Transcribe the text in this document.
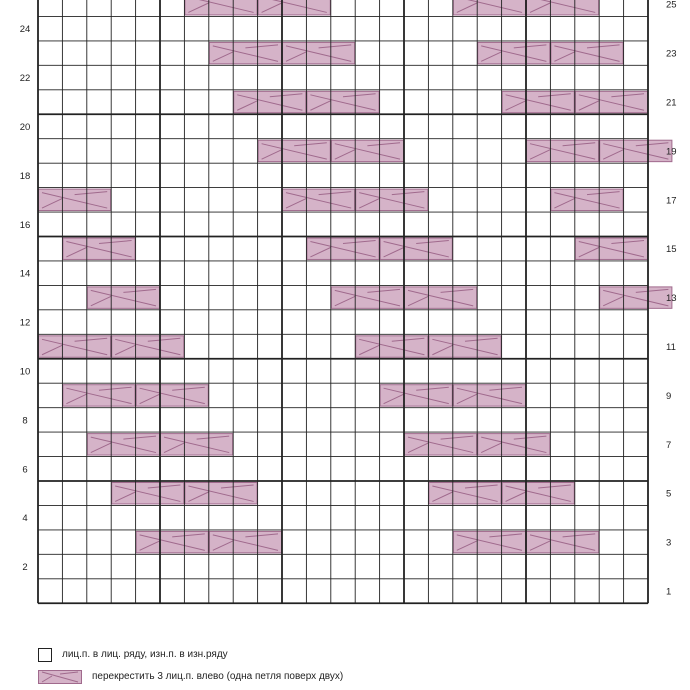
1
3
5
7
9
11
13
15
17
19
21
23
25
2
4
6
8
10
12
14
16
18
20
22
24
лиц.п. в лиц. ряду, изн.п. в изн.ряду
перекрестить 3 лиц.п. влево (одна петля поверх двух)
